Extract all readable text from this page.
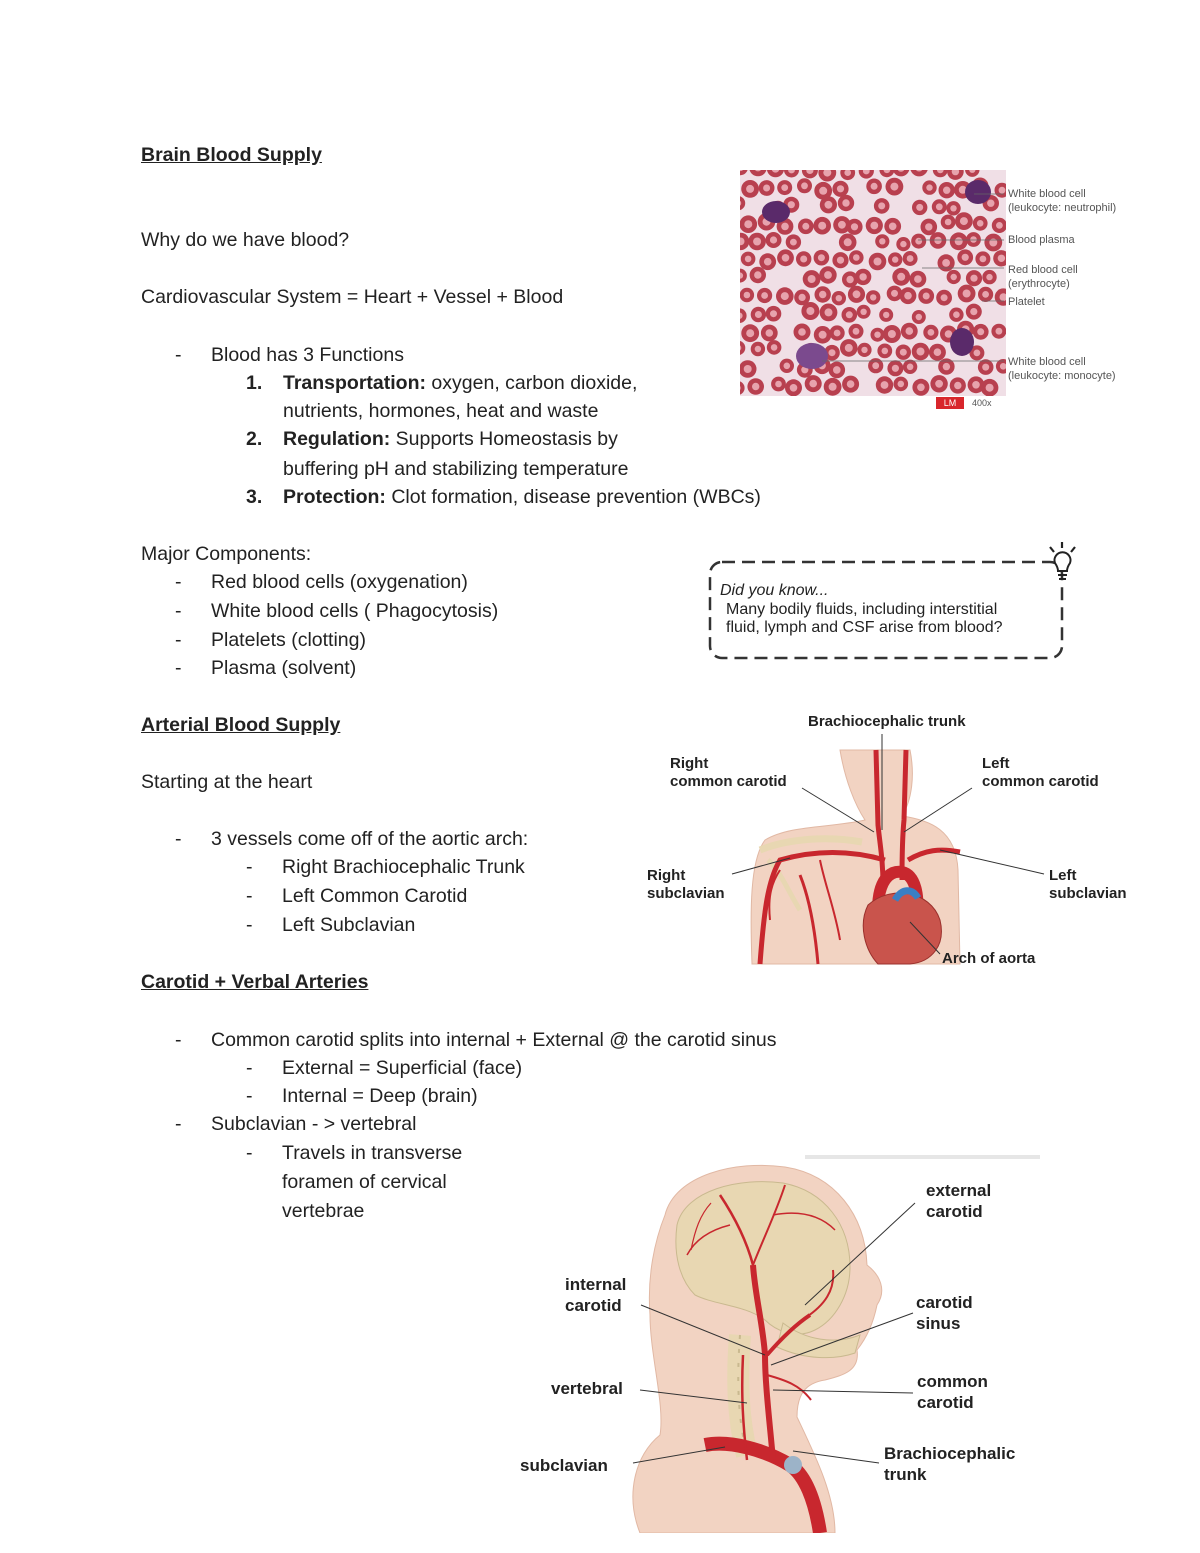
Brain Blood Supply
Why do we have blood?
Cardiovascular System = Heart + Vessel + Blood
- Blood has 3 Functions
1. Transportation: oxygen, carbon dioxide,
nutrients, hormones, heat and waste
2. Regulation: Supports Homeostasis by
buffering pH and stabilizing temperature
3. Protection: Clot formation, disease prevention (WBCs)
Major Components:
- Red blood cells (oxygenation)
- White blood cells ( Phagocytosis)
- Platelets (clotting)
- Plasma (solvent)
White blood cell
(leukocyte: neutrophil)
Blood plasma
Red blood cell
(erythrocyte)
Platelet
White blood cell
(leukocyte: monocyte)
LM	400x
Did you know...
Many bodily fluids, including interstitial
fluid, lymph and CSF arise from blood?
Arterial Blood Supply
Starting at the heart
- 3 vessels come off of the aortic arch:
- Right Brachiocephalic Trunk
- Left Common Carotid
- Left Subclavian
Brachiocephalic trunk
Right
common carotid
Left
common carotid
Right
subclavian
Left
subclavian
Arch of aorta
Carotid + Verbal Arteries
- Common carotid splits into internal + External @ the carotid sinus
- External = Superficial (face)
- Internal = Deep (brain)
- Subclavian - > vertebral
- Travels in transverse
foramen of cervical
vertebrae
external
carotid
internal
carotid	carotid
sinus
vertebral	common
carotid
subclavian
Brachiocephalic
trunk
